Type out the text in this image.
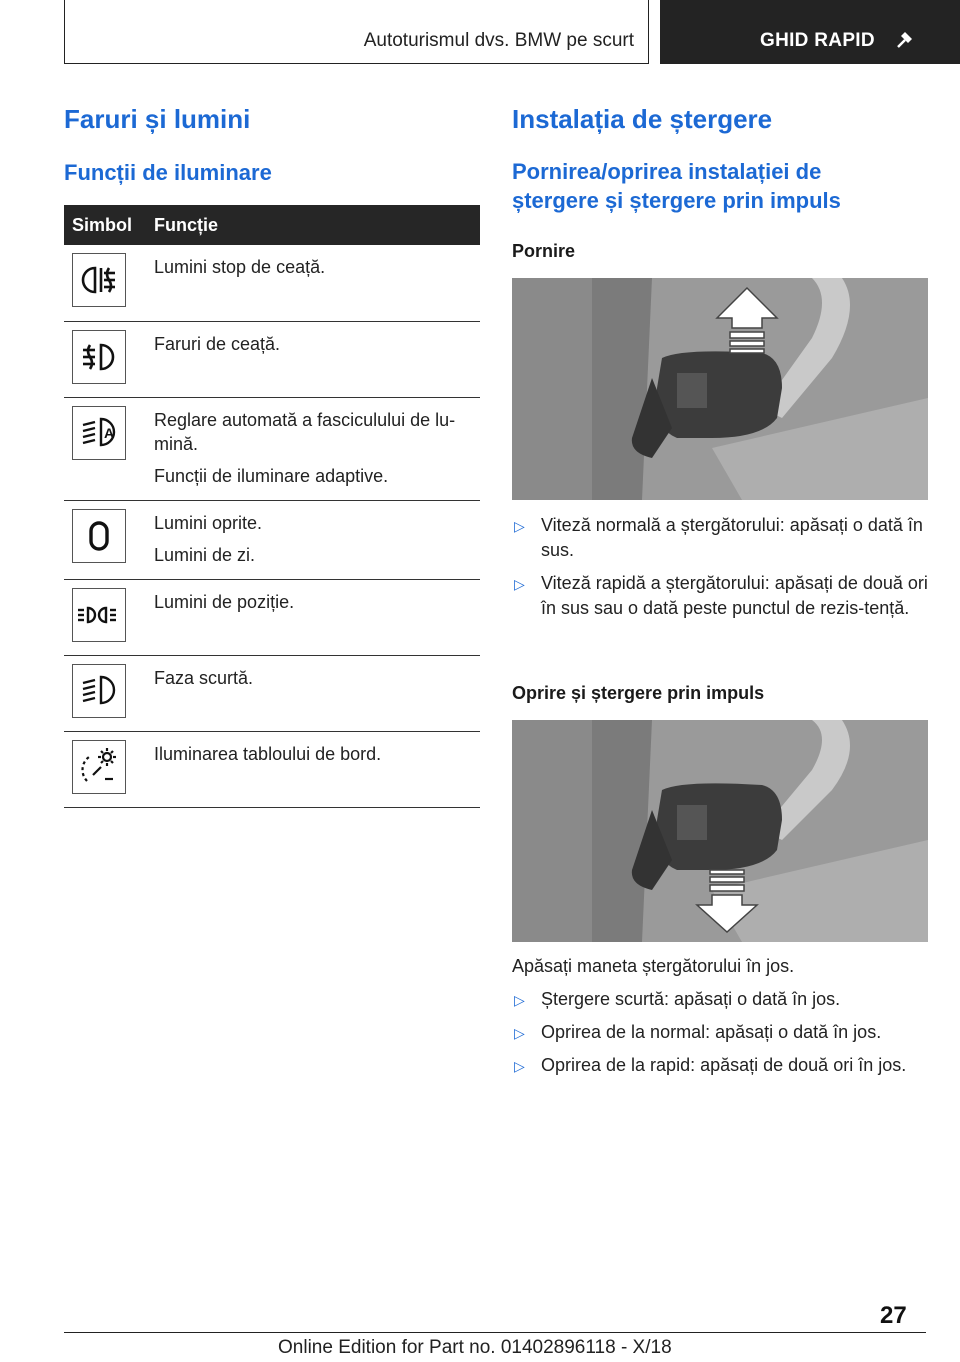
Autoturismul dvs. BMW pe scurt	GHID RAPID
Faruri și lumini
Funcții de iluminare
Simbol	Funcție

Lumini stop de ceață.

Faruri de ceață.

A	Reglare automată a fasciculului de lu-mină.

Funcții de iluminare adaptive.

Lumini oprite.

Lumini de zi.

Lumini de poziție.

Faza scurtă.

Iluminarea tabloului de bord.

Instalația de ștergere
Pornirea/oprirea instalației de ștergere și ștergere prin impuls

Pornire

▷ Viteză normală a ștergătorului: apăsați o dată în sus.
▷ Viteză rapidă a ștergătorului: apăsați de două ori în sus sau o dată peste punctul de rezis-tență.

Oprire și ștergere prin impuls

Apăsați maneta ștergătorului în jos.

▷ Ștergere scurtă: apăsați o dată în jos.
▷ Oprirea de la normal: apăsați o dată în jos.
▷ Oprirea de la rapid: apăsați de două ori în jos.
27
Online Edition for Part no. 01402896118 - X/18
